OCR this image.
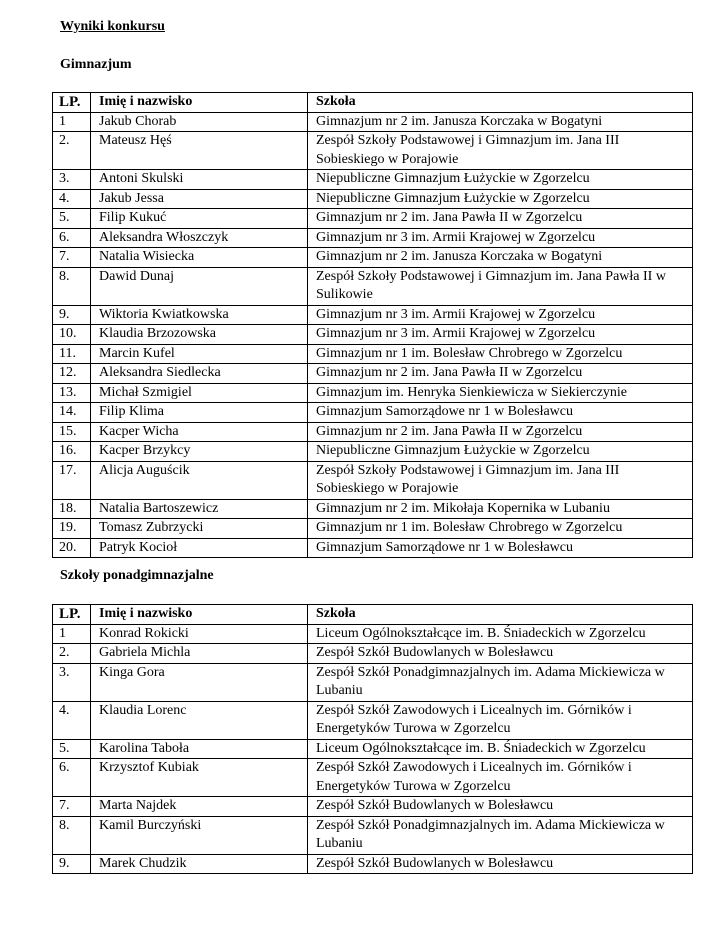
Wyniki konkursu
Gimnazjum
LP.	Imię i nazwisko	Szkoła
1	Jakub Chorab	Gimnazjum nr 2 im. Janusza Korczaka w Bogatyni
2.	Mateusz Hęś	Zespół Szkoły Podstawowej i Gimnazjum im. Jana III Sobieskiego w Porajowie
3.	Antoni Skulski	Niepubliczne Gimnazjum Łużyckie w Zgorzelcu
4.	Jakub Jessa	Niepubliczne Gimnazjum Łużyckie w Zgorzelcu
5.	Filip Kukuć	Gimnazjum nr 2 im. Jana Pawła II w Zgorzelcu
6.	Aleksandra Włoszczyk	Gimnazjum nr 3 im. Armii Krajowej w Zgorzelcu
7.	Natalia Wisiecka	Gimnazjum nr 2 im. Janusza Korczaka w Bogatyni
8.	Dawid Dunaj	Zespół Szkoły Podstawowej i Gimnazjum im. Jana Pawła II w Sulikowie
9.	Wiktoria Kwiatkowska	Gimnazjum nr 3 im. Armii Krajowej w Zgorzelcu
10.	Klaudia Brzozowska	Gimnazjum nr 3 im. Armii Krajowej w Zgorzelcu
11.	Marcin Kufel	Gimnazjum nr 1 im. Bolesław Chrobrego w Zgorzelcu
12.	Aleksandra Siedlecka	Gimnazjum nr 2 im. Jana Pawła II w Zgorzelcu
13.	Michał Szmigiel	Gimnazjum im. Henryka Sienkiewicza w Siekierczynie
14.	Filip Klima	Gimnazjum Samorządowe nr 1 w Bolesławcu
15.	Kacper Wicha	Gimnazjum nr 2 im. Jana Pawła II w Zgorzelcu
16.	Kacper Brzykcy	Niepubliczne Gimnazjum Łużyckie w Zgorzelcu
17.	Alicja Auguścik	Zespół Szkoły Podstawowej i Gimnazjum im. Jana III Sobieskiego w Porajowie
18.	Natalia Bartoszewicz	Gimnazjum nr 2 im. Mikołaja Kopernika w Lubaniu
19.	Tomasz Zubrzycki	Gimnazjum nr 1 im. Bolesław Chrobrego w Zgorzelcu
20.	Patryk Kocioł	Gimnazjum Samorządowe nr 1 w Bolesławcu
Szkoły ponadgimnazjalne
LP.	Imię i nazwisko	Szkoła
1	Konrad Rokicki	Liceum Ogólnokształcące im. B. Śniadeckich w Zgorzelcu
2.	Gabriela Michla	Zespół Szkół Budowlanych w Bolesławcu
3.	Kinga Gora	Zespół Szkół Ponadgimnazjalnych im. Adama Mickiewicza w Lubaniu
4.	Klaudia Lorenc	Zespół Szkół Zawodowych i Licealnych im. Górników i Energetyków Turowa w Zgorzelcu
5.	Karolina Taboła	Liceum Ogólnokształcące im. B. Śniadeckich w Zgorzelcu
6.	Krzysztof Kubiak	Zespół Szkół Zawodowych i Licealnych im. Górników i Energetyków Turowa w Zgorzelcu
7.	Marta Najdek	Zespół Szkół Budowlanych w Bolesławcu
8.	Kamil Burczyński	Zespół Szkół Ponadgimnazjalnych im. Adama Mickiewicza w Lubaniu
9.	Marek Chudzik	Zespół Szkół Budowlanych w Bolesławcu
